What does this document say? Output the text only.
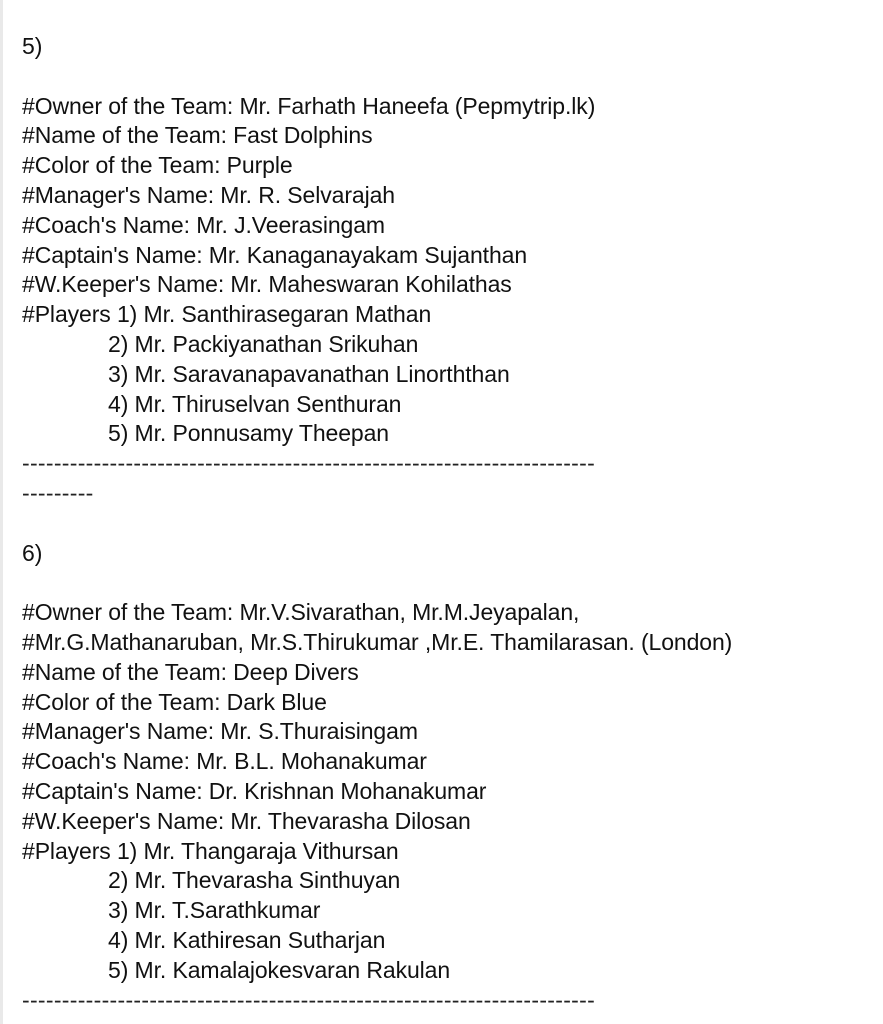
5)
#Owner of the Team: Mr. Farhath Haneefa (Pepmytrip.lk)
#Name of the Team: Fast Dolphins
#Color of the Team: Purple
#Manager's Name: Mr. R. Selvarajah
#Coach's Name: Mr. J.Veerasingam
#Captain's Name: Mr. Kanaganayakam Sujanthan
#W.Keeper's Name: Mr. Maheswaran Kohilathas
#Players 1) Mr. Santhirasegaran Mathan
2) Mr. Packiyanathan Srikuhan
3) Mr. Saravanapavanathan Linorththan
4) Mr. Thiruselvan Senthuran
5) Mr. Ponnusamy Theepan
------------------------------------------------------------------------
---------
6)
#Owner of the Team: Mr.V.Sivarathan, Mr.M.Jeyapalan,
#Mr.G.Mathanaruban, Mr.S.Thirukumar ,Mr.E. Thamilarasan. (London)
#Name of the Team: Deep Divers
#Color of the Team: Dark Blue
#Manager's Name: Mr. S.Thuraisingam
#Coach's Name: Mr. B.L. Mohanakumar
#Captain's Name: Dr. Krishnan Mohanakumar
#W.Keeper's Name: Mr. Thevarasha Dilosan
#Players 1) Mr. Thangaraja Vithursan
2) Mr. Thevarasha Sinthuyan
3) Mr. T.Sarathkumar
4) Mr. Kathiresan Sutharjan
5) Mr. Kamalajokesvaran Rakulan
------------------------------------------------------------------------
